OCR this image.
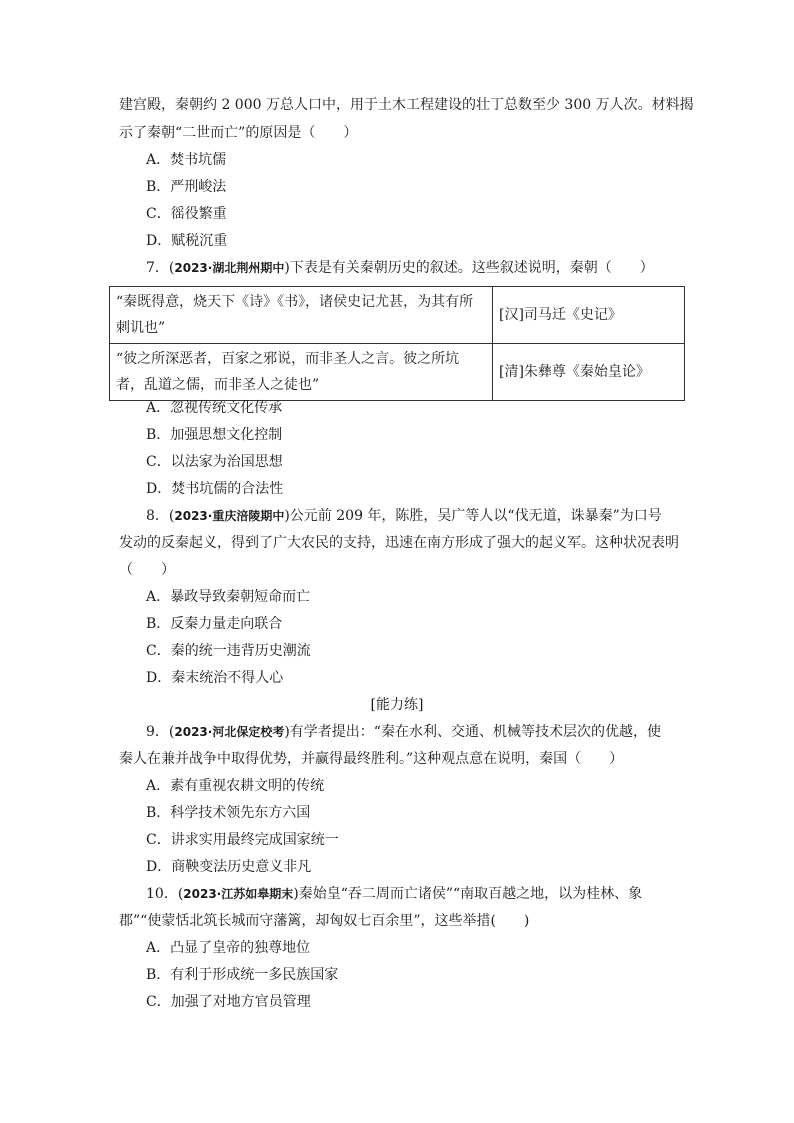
建宫殿，秦朝约 2 000 万总人口中，用于土木工程建设的壮丁总数至少 300 万人次。材料揭
示了秦朝“二世而亡”的原因是（　　）
A．焚书坑儒
B．严刑峻法
C．徭役繁重
D．赋税沉重
7．(2023·湖北荆州期中)下表是有关秦朝历史的叙述。这些叙述说明，秦朝（　　）
“秦既得意，烧天下《诗》《书》，诸侯史记尤甚，为其有所刺讥也”	[汉]司马迁《史记》
“彼之所深恶者，百家之邪说，而非圣人之言。彼之所坑者，乱道之儒，而非圣人之徒也”	[清]朱彝尊《秦始皇论》
A．忽视传统文化传承
B．加强思想文化控制
C．以法家为治国思想
D．焚书坑儒的合法性
8．(2023·重庆涪陵期中)公元前 209 年，陈胜，吴广等人以“伐无道，诛暴秦”为口号
发动的反秦起义，得到了广大农民的支持，迅速在南方形成了强大的起义军。这种状况表明
（　　）
A．暴政导致秦朝短命而亡
B．反秦力量走向联合
C．秦的统一违背历史潮流
D．秦末统治不得人心
[能力练]
9．(2023·河北保定校考)有学者提出：“秦在水利、交通、机械等技术层次的优越，使
秦人在兼并战争中取得优势，并赢得最终胜利。”这种观点意在说明，秦国（　　）
A．素有重视农耕文明的传统
B．科学技术领先东方六国
C．讲求实用最终完成国家统一
D．商鞅变法历史意义非凡
10．(2023·江苏如皋期末)秦始皇“吞二周而亡诸侯”“南取百越之地，以为桂林、象
郡”“使蒙恬北筑长城而守藩篱，却匈奴七百余里”，这些举措(　　)
A．凸显了皇帝的独尊地位
B．有利于形成统一多民族国家
C．加强了对地方官员管理
